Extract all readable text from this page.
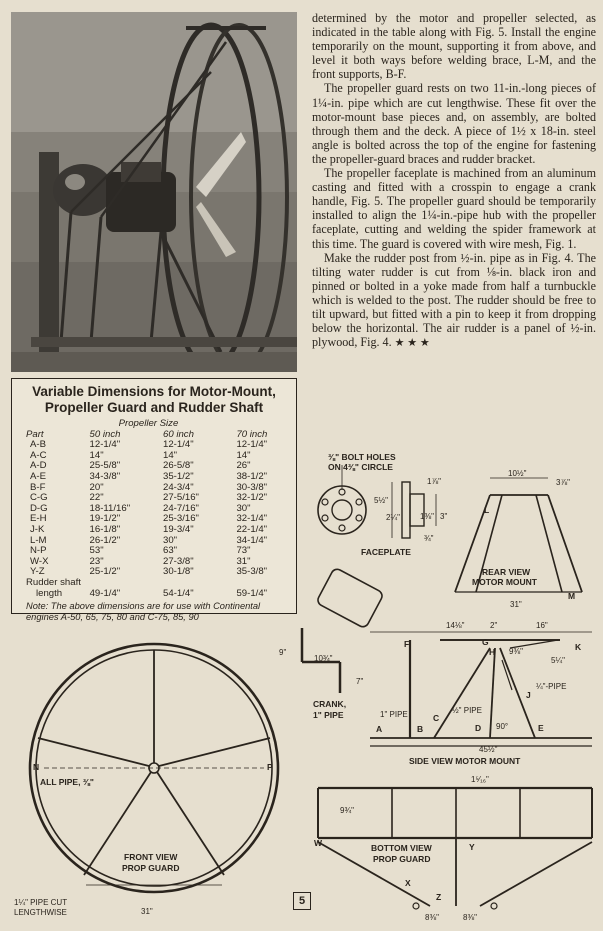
determined by the motor and propeller selected, as indicated in the table along with Fig. 5. Install the engine temporarily on the mount, supporting it from above, and level it both ways before welding brace, L-M, and the front supports, B-F.

The propeller guard rests on two 11-in.-long pieces of 1¼-in. pipe which are cut lengthwise. These fit over the motor-mount base pieces and, on assembly, are bolted through them and the deck. A piece of 1½ x 18-in. steel angle is bolted across the top of the engine for fastening the propeller-guard braces and rudder bracket.

The propeller faceplate is machined from an aluminum casting and fitted with a crosspin to engage a crank handle, Fig. 5. The propeller guard should be temporarily installed to align the 1¼-in.-pipe hub with the propeller faceplate, cutting and welding the spider framework at this time. The guard is covered with wire mesh, Fig. 1.

Make the rudder post from ½-in. pipe as in Fig. 4. The tilting water rudder is cut from ⅛-in. black iron and pinned or bolted in a yoke made from half a turnbuckle which is welded to the post. The rudder should be free to tilt upward, but fitted with a pin to keep it from dropping below the horizontal. The air rudder is a panel of ½-in. plywood, Fig. 4. ★ ★ ★

Variable Dimensions for Motor-Mount, Propeller Guard and Rudder Shaft
Propeller Size
Part	50 inch	60 inch	70 inch
A-B	12-1/4"	12-1/4"	12-1/4"
A-C	14"	14"	14"
A-D	25-5/8"	26-5/8"	26"
A-E	34-3/8"	35-1/2"	38-1/2"
B-F	20"	24-3/4"	30-3/8"
C-G	22"	27-5/16"	32-1/2"
D-G	18-11/16"	24-7/16"	30"
E-H	19-1/2"	25-3/16"	32-1/4"
J-K	16-1/8"	19-3/4"	22-1/4"
L-M	26-1/2"	30"	34-1/4"
N-P	53"	63"	73"
W-X	23"	27-3/8"	31"
Y-Z	25-1/2"	30-1/8"	35-3/8"
Rudder shaft
length	49-1/4"	54-1/4"	59-1/4"
Note: The above dimensions are for use with Continental engines A-50, 65, 75, 80 and C-75, 85, 90
⅜" BOLT HOLES
ON 4⅜" CIRCLE
5½"
2¼"
1⅞"
1⅜" 3"
¾"
FACEPLATE
10½"
3⅞"
L
M
REAR VIEW
MOTOR MOUNT
31"
9"
10¾"
7"
CRANK,
1" PIPE
14⅛"	2"	16"
F	G
H 9⅜"	K
5¼"
J
¼"-PIPE
1" PIPE	½" PIPE
A	B
C
D 90°	E
45½"
SIDE VIEW MOTOR MOUNT
N	P
ALL PIPE, ⅜"
FRONT VIEW
PROP GUARD
1¼" PIPE CUT
LENGTHWISE	31"
1⁵⁄₁₆"
9¾"
W	Y
BOTTOM VIEW
PROP GUARD
X
Z
8⅜"	8⅜"
5
